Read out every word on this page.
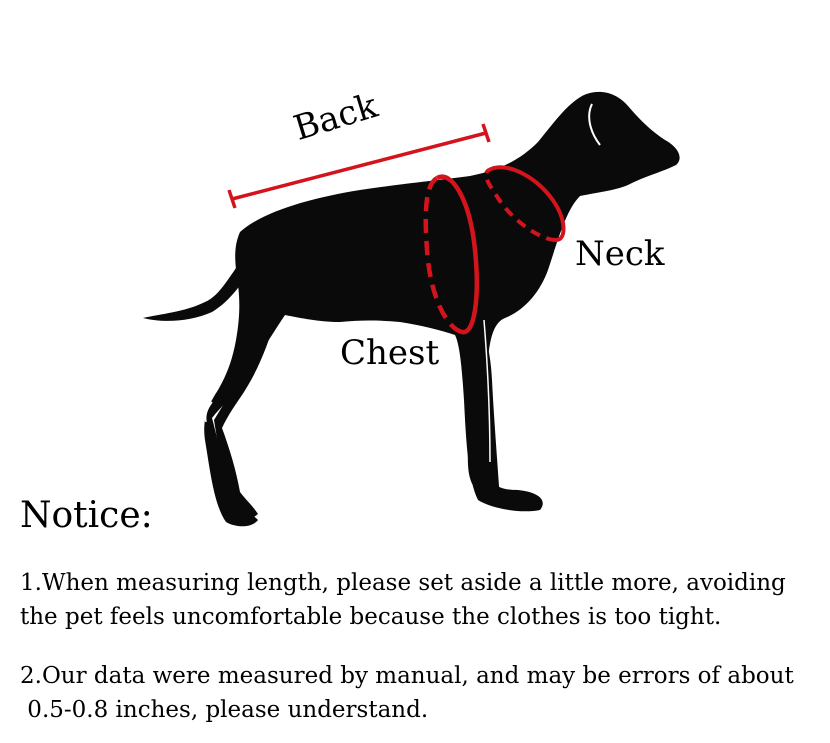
Back
Neck
Chest
Notice:
1.When measuring length, please set aside a little more, avoiding
the pet feels uncomfortable because the clothes is too tight.
2.Our data were measured by manual, and may be errors of about
0.5-0.8 inches, please understand.
